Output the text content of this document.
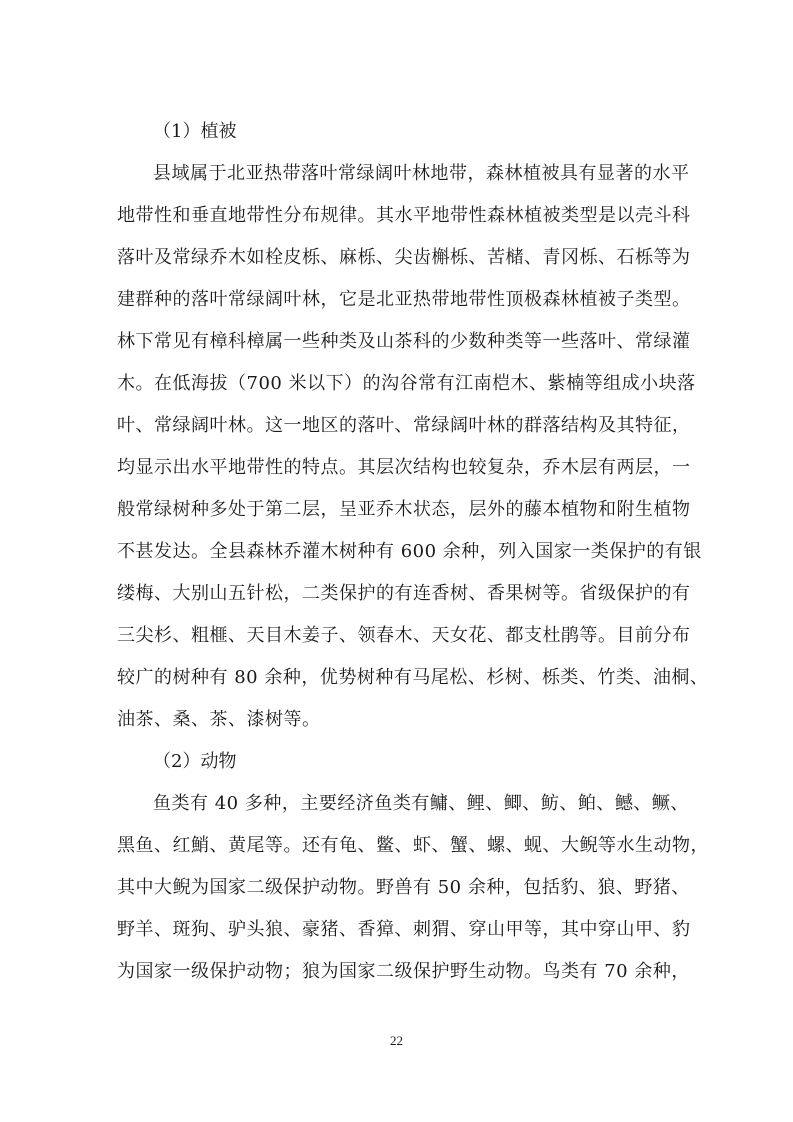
（1）植被
县域属于北亚热带落叶常绿阔叶林地带，森林植被具有显著的水平
地带性和垂直地带性分布规律。其水平地带性森林植被类型是以壳斗科
落叶及常绿乔木如栓皮栎、麻栎、尖齿槲栎、苦槠、青冈栎、石栎等为
建群种的落叶常绿阔叶林，它是北亚热带地带性顶极森林植被子类型。
林下常见有樟科樟属一些种类及山茶科的少数种类等一些落叶、常绿灌
木。在低海拔（700 米以下）的沟谷常有江南桤木、紫楠等组成小块落
叶、常绿阔叶林。这一地区的落叶、常绿阔叶林的群落结构及其特征，
均显示出水平地带性的特点。其层次结构也较复杂，乔木层有两层，一
般常绿树种多处于第二层，呈亚乔木状态，层外的藤本植物和附生植物
不甚发达。全县森林乔灌木树种有 600 余种，列入国家一类保护的有银
缕梅、大别山五针松，二类保护的有连香树、香果树等。省级保护的有
三尖杉、粗榧、天目木姜子、领春木、天女花、都支杜鹃等。目前分布
较广的树种有 80 余种，优势树种有马尾松、杉树、栎类、竹类、油桐、
油茶、桑、茶、漆树等。
（2）动物
鱼类有 40 多种，主要经济鱼类有鳙、鲤、鲫、鲂、鲌、鳡、鳜、
黑鱼、红鮹、黄尾等。还有龟、鳖、虾、蟹、螺、蚬、大鲵等水生动物，
其中大鲵为国家二级保护动物。野兽有 50 余种，包括豹、狼、野猪、
野羊、斑狗、驴头狼、豪猪、香獐、刺猬、穿山甲等，其中穿山甲、豹
为国家一级保护动物；狼为国家二级保护野生动物。鸟类有 70 余种，
22
